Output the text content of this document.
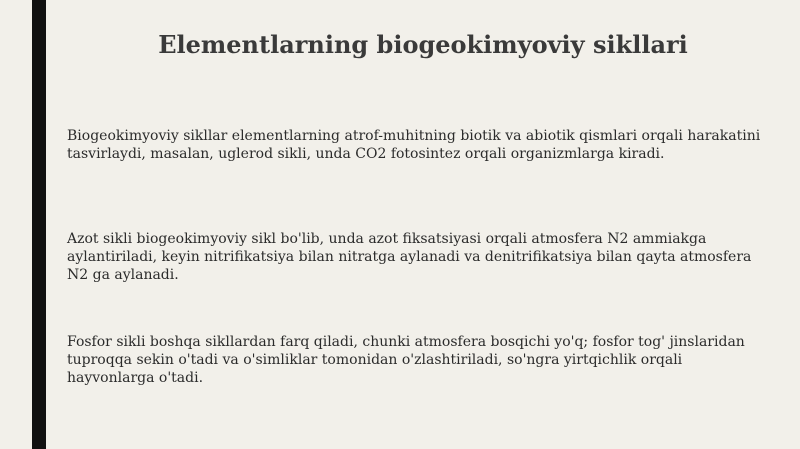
Elementlarning biogeokimyoviy sikllari

Biogeokimyoviy sikllar elementlarning atrof-muhitning biotik va abiotik qismlari orqali harakatini tasvirlaydi, masalan, uglerod sikli, unda CO2 fotosintez orqali organizmlarga kiradi.

Azot sikli biogeokimyoviy sikl bo'lib, unda azot fiksatsiyasi orqali atmosfera N2 ammiakga aylantiriladi, keyin nitrifikatsiya bilan nitratga aylanadi va denitrifikatsiya bilan qayta atmosfera N2 ga aylanadi.

Fosfor sikli boshqa sikllardan farq qiladi, chunki atmosfera bosqichi yo'q; fosfor tog' jinslaridan tuproqqa sekin o'tadi va o'simliklar tomonidan o'zlashtiriladi, so'ngra yirtqichlik orqali hayvonlarga o'tadi.
